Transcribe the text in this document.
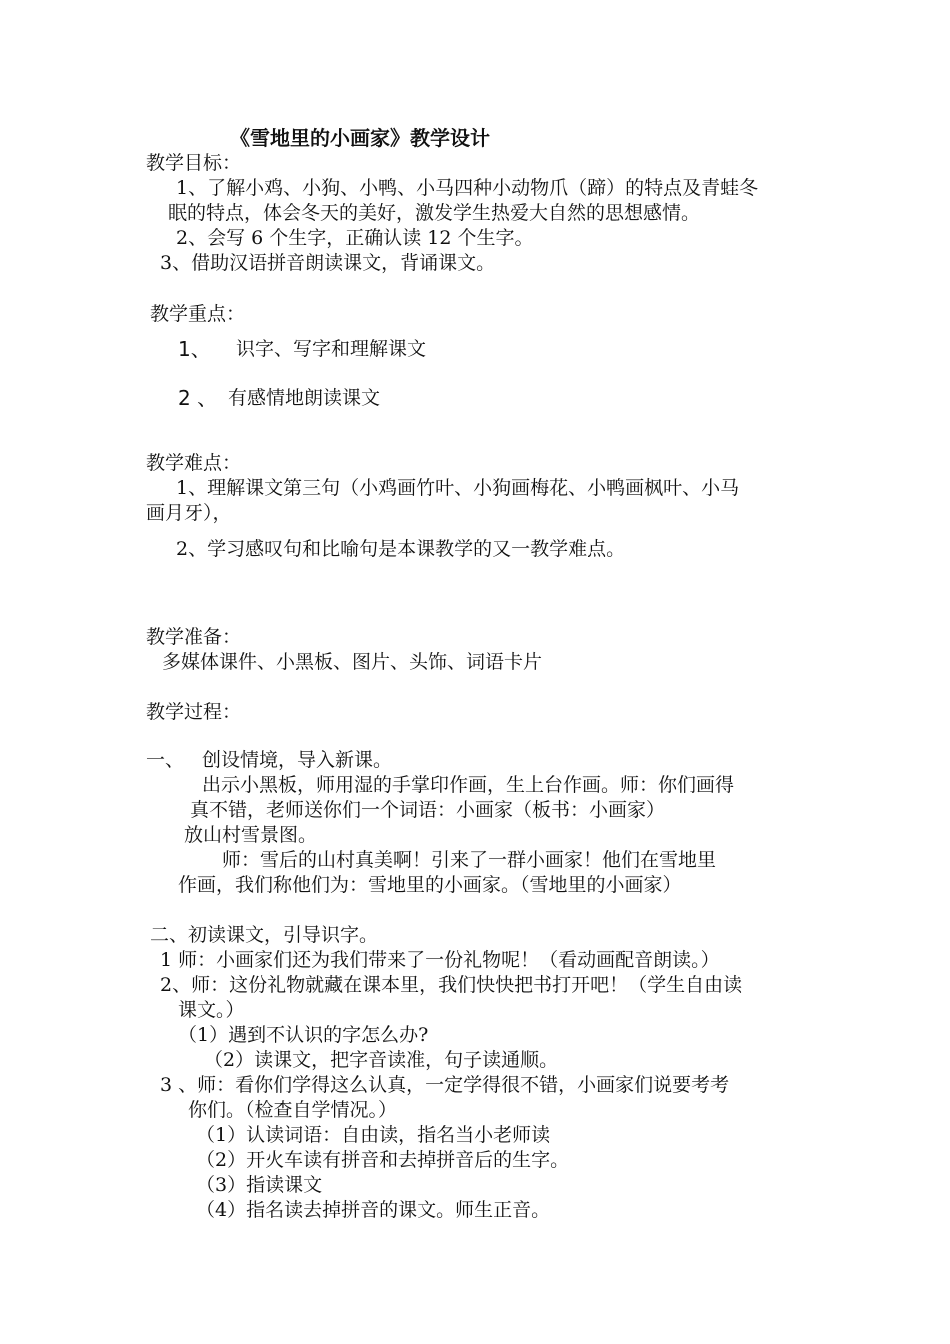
《雪地里的小画家》教学设计
教学目标：
1、了解小鸡、小狗、小鸭、小马四种小动物爪（蹄）的特点及青蛙冬
眠的特点，体会冬天的美好，激发学生热爱大自然的思想感情。
2、会写 6 个生字，正确认读 12 个生字。
3、借助汉语拼音朗读课文，背诵课文。
教学重点：
1、 识字、写字和理解课文
2 、 有感情地朗读课文
教学难点：
1、理解课文第三句（小鸡画竹叶、小狗画梅花、小鸭画枫叶、小马
画月牙），
2、学习感叹句和比喻句是本课教学的又一教学难点。
教学准备：
多媒体课件、小黑板、图片、头饰、词语卡片
教学过程：
一、 创设情境，导入新课。
出示小黑板，师用湿的手掌印作画，生上台作画。师：你们画得
真不错，老师送你们一个词语：小画家（板书：小画家）
放山村雪景图。
师：雪后的山村真美啊！引来了一群小画家！他们在雪地里
作画，我们称他们为：雪地里的小画家。（雪地里的小画家）
二、初读课文，引导识字。
1 师：小画家们还为我们带来了一份礼物呢！（看动画配音朗读。）
2、师：这份礼物就藏在课本里，我们快快把书打开吧！（学生自由读
课文。）
（1）遇到不认识的字怎么办?
（2）读课文，把字音读准，句子读通顺。
3 、师：看你们学得这么认真，一定学得很不错，小画家们说要考考
你们。（检查自学情况。）
（1）认读词语：自由读，指名当小老师读
（2）开火车读有拼音和去掉拼音后的生字。
（3）指读课文
（4）指名读去掉拼音的课文。师生正音。
